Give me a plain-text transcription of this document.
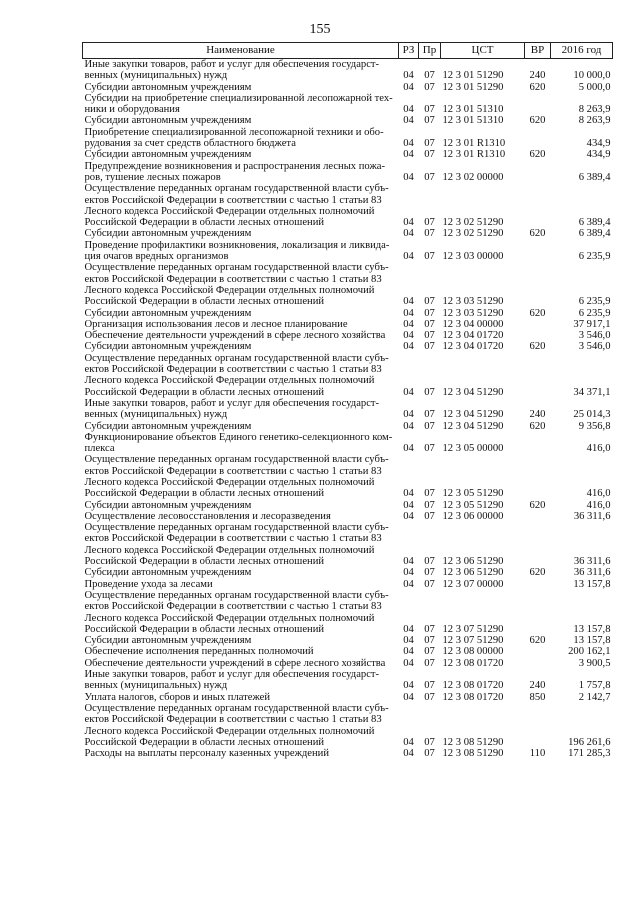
155
Наименование	РЗ	Пр	ЦСТ	ВР	2016 год
Иные закупки товаров, работ и услуг для обеспечения государст-венных (муниципальных) нужд	04	07	12 3 01 51290	240	10 000,0
Субсидии автономным учреждениям	04	07	12 3 01 51290	620	5 000,0
Субсидии на приобретение специализированной лесопожарной тех-ники и оборудования	04	07	12 3 01 51310		8 263,9
Субсидии автономным учреждениям	04	07	12 3 01 51310	620	8 263,9
Приобретение специализированной лесопожарной техники и обо-рудования за счет средств областного бюджета	04	07	12 3 01 R1310		434,9
Субсидии автономным учреждениям	04	07	12 3 01 R1310	620	434,9
Предупреждение возникновения и распространения лесных пожа-ров, тушение лесных пожаров	04	07	12 3 02 00000		6 389,4
Осуществление переданных органам государственной власти субъ-ектов Российской Федерации в соответствии с частью 1 статьи 83 Лесного кодекса Российской Федерации отдельных полномочий Российской Федерации в области лесных отношений	04	07	12 3 02 51290		6 389,4
Субсидии автономным учреждениям	04	07	12 3 02 51290	620	6 389,4
Проведение профилактики возникновения, локализация и ликвида-ция очагов вредных организмов	04	07	12 3 03 00000		6 235,9
Осуществление переданных органам государственной власти субъ-ектов Российской Федерации в соответствии с частью 1 статьи 83 Лесного кодекса Российской Федерации отдельных полномочий Российской Федерации в области лесных отношений	04	07	12 3 03 51290		6 235,9
Субсидии автономным учреждениям	04	07	12 3 03 51290	620	6 235,9
Организация использования лесов и лесное планирование	04	07	12 3 04 00000		37 917,1
Обеспечение деятельности учреждений в сфере лесного хозяйства	04	07	12 3 04 01720		3 546,0
Субсидии автономным учреждениям	04	07	12 3 04 01720	620	3 546,0
Осуществление переданных органам государственной власти субъ-ектов Российской Федерации в соответствии с частью 1 статьи 83 Лесного кодекса Российской Федерации отдельных полномочий Российской Федерации в области лесных отношений	04	07	12 3 04 51290		34 371,1
Иные закупки товаров, работ и услуг для обеспечения государст-венных (муниципальных) нужд	04	07	12 3 04 51290	240	25 014,3
Субсидии автономным учреждениям	04	07	12 3 04 51290	620	9 356,8
Функционирование объектов Единого генетико-селекционного ком-плекса	04	07	12 3 05 00000		416,0
Осуществление переданных органам государственной власти субъ-ектов Российской Федерации в соответствии с частью 1 статьи 83 Лесного кодекса Российской Федерации отдельных полномочий Российской Федерации в области лесных отношений	04	07	12 3 05 51290		416,0
Субсидии автономным учреждениям	04	07	12 3 05 51290	620	416,0
Осуществление лесовосстановления и лесоразведения	04	07	12 3 06 00000		36 311,6
Осуществление переданных органам государственной власти субъ-ектов Российской Федерации в соответствии с частью 1 статьи 83 Лесного кодекса Российской Федерации отдельных полномочий Российской Федерации в области лесных отношений	04	07	12 3 06 51290		36 311,6
Субсидии автономным учреждениям	04	07	12 3 06 51290	620	36 311,6
Проведение ухода за лесами	04	07	12 3 07 00000		13 157,8
Осуществление переданных органам государственной власти субъ-ектов Российской Федерации в соответствии с частью 1 статьи 83 Лесного кодекса Российской Федерации отдельных полномочий Российской Федерации в области лесных отношений	04	07	12 3 07 51290		13 157,8
Субсидии автономным учреждениям	04	07	12 3 07 51290	620	13 157,8
Обеспечение исполнения переданных полномочий	04	07	12 3 08 00000		200 162,1
Обеспечение деятельности учреждений в сфере лесного хозяйства	04	07	12 3 08 01720		3 900,5
Иные закупки товаров, работ и услуг для обеспечения государст-венных (муниципальных) нужд	04	07	12 3 08 01720	240	1 757,8
Уплата налогов, сборов и иных платежей	04	07	12 3 08 01720	850	2 142,7
Осуществление переданных органам государственной власти субъ-ектов Российской Федерации в соответствии с частью 1 статьи 83 Лесного кодекса Российской Федерации отдельных полномочий Российской Федерации в области лесных отношений	04	07	12 3 08 51290		196 261,6
Расходы на выплаты персоналу казенных учреждений	04	07	12 3 08 51290	110	171 285,3
